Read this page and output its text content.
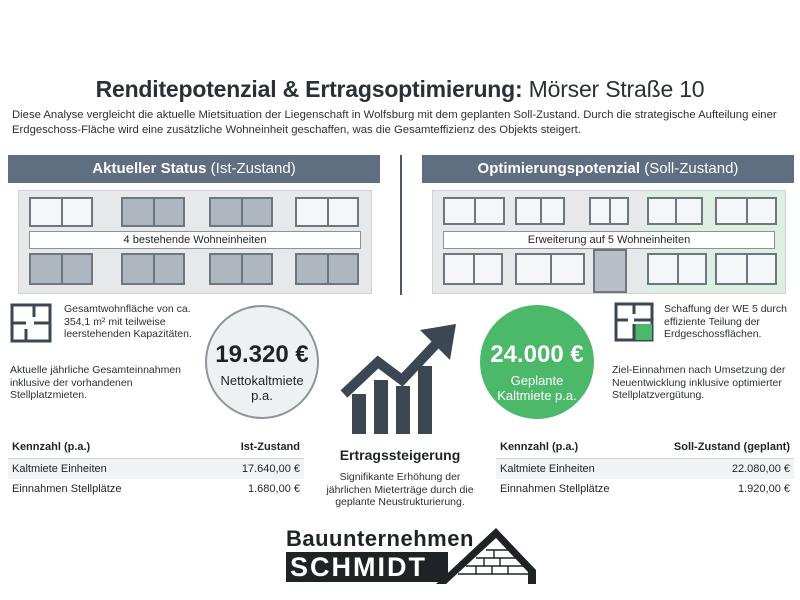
Renditepotenzial & Ertragsoptimierung: Mörser Straße 10
Diese Analyse vergleicht die aktuelle Mietsituation der Liegenschaft in Wolfsburg mit dem geplanten Soll-Zustand. Durch die strategische Aufteilung einer Erdgeschoss-Fläche wird eine zusätzliche Wohneinheit geschaffen, was die Gesamteffizienz des Objekts steigert.
Aktueller Status (Ist-Zustand)	Optimierungspotenzial (Soll-Zustand)
4 bestehende Wohneinheiten	Erweiterung auf 5 Wohneinheiten
Gesamtwohnfläche von ca. 354,1 m² mit teilweise leerstehenden Kapazitäten.
Aktuelle jährliche Gesamteinnahmen inklusive der vorhandenen Stellplatzmieten.
19.320 €
Nettokaltmiete p.a.
24.000 €
Geplante Kaltmiete p.a.
Schaffung der WE 5 durch effiziente Teilung der Erdgeschossflächen.
Ziel-Einnahmen nach Umsetzung der Neuentwicklung inklusive optimierter Stellplatzvergütung.
Ertragssteigerung
Signifikante Erhöhung der jährlichen Mieterträge durch die geplante Neustrukturierung.
Kennzahl (p.a.)	Ist-Zustand
Kaltmiete Einheiten	17.640,00 €
Einnahmen Stellplätze	1.680,00 €
Kennzahl (p.a.)	Soll-Zustand (geplant)
Kaltmiete Einheiten	22.080,00 €
Einnahmen Stellplätze	1.920,00 €
Bauunternehmen
SCHMIDT
